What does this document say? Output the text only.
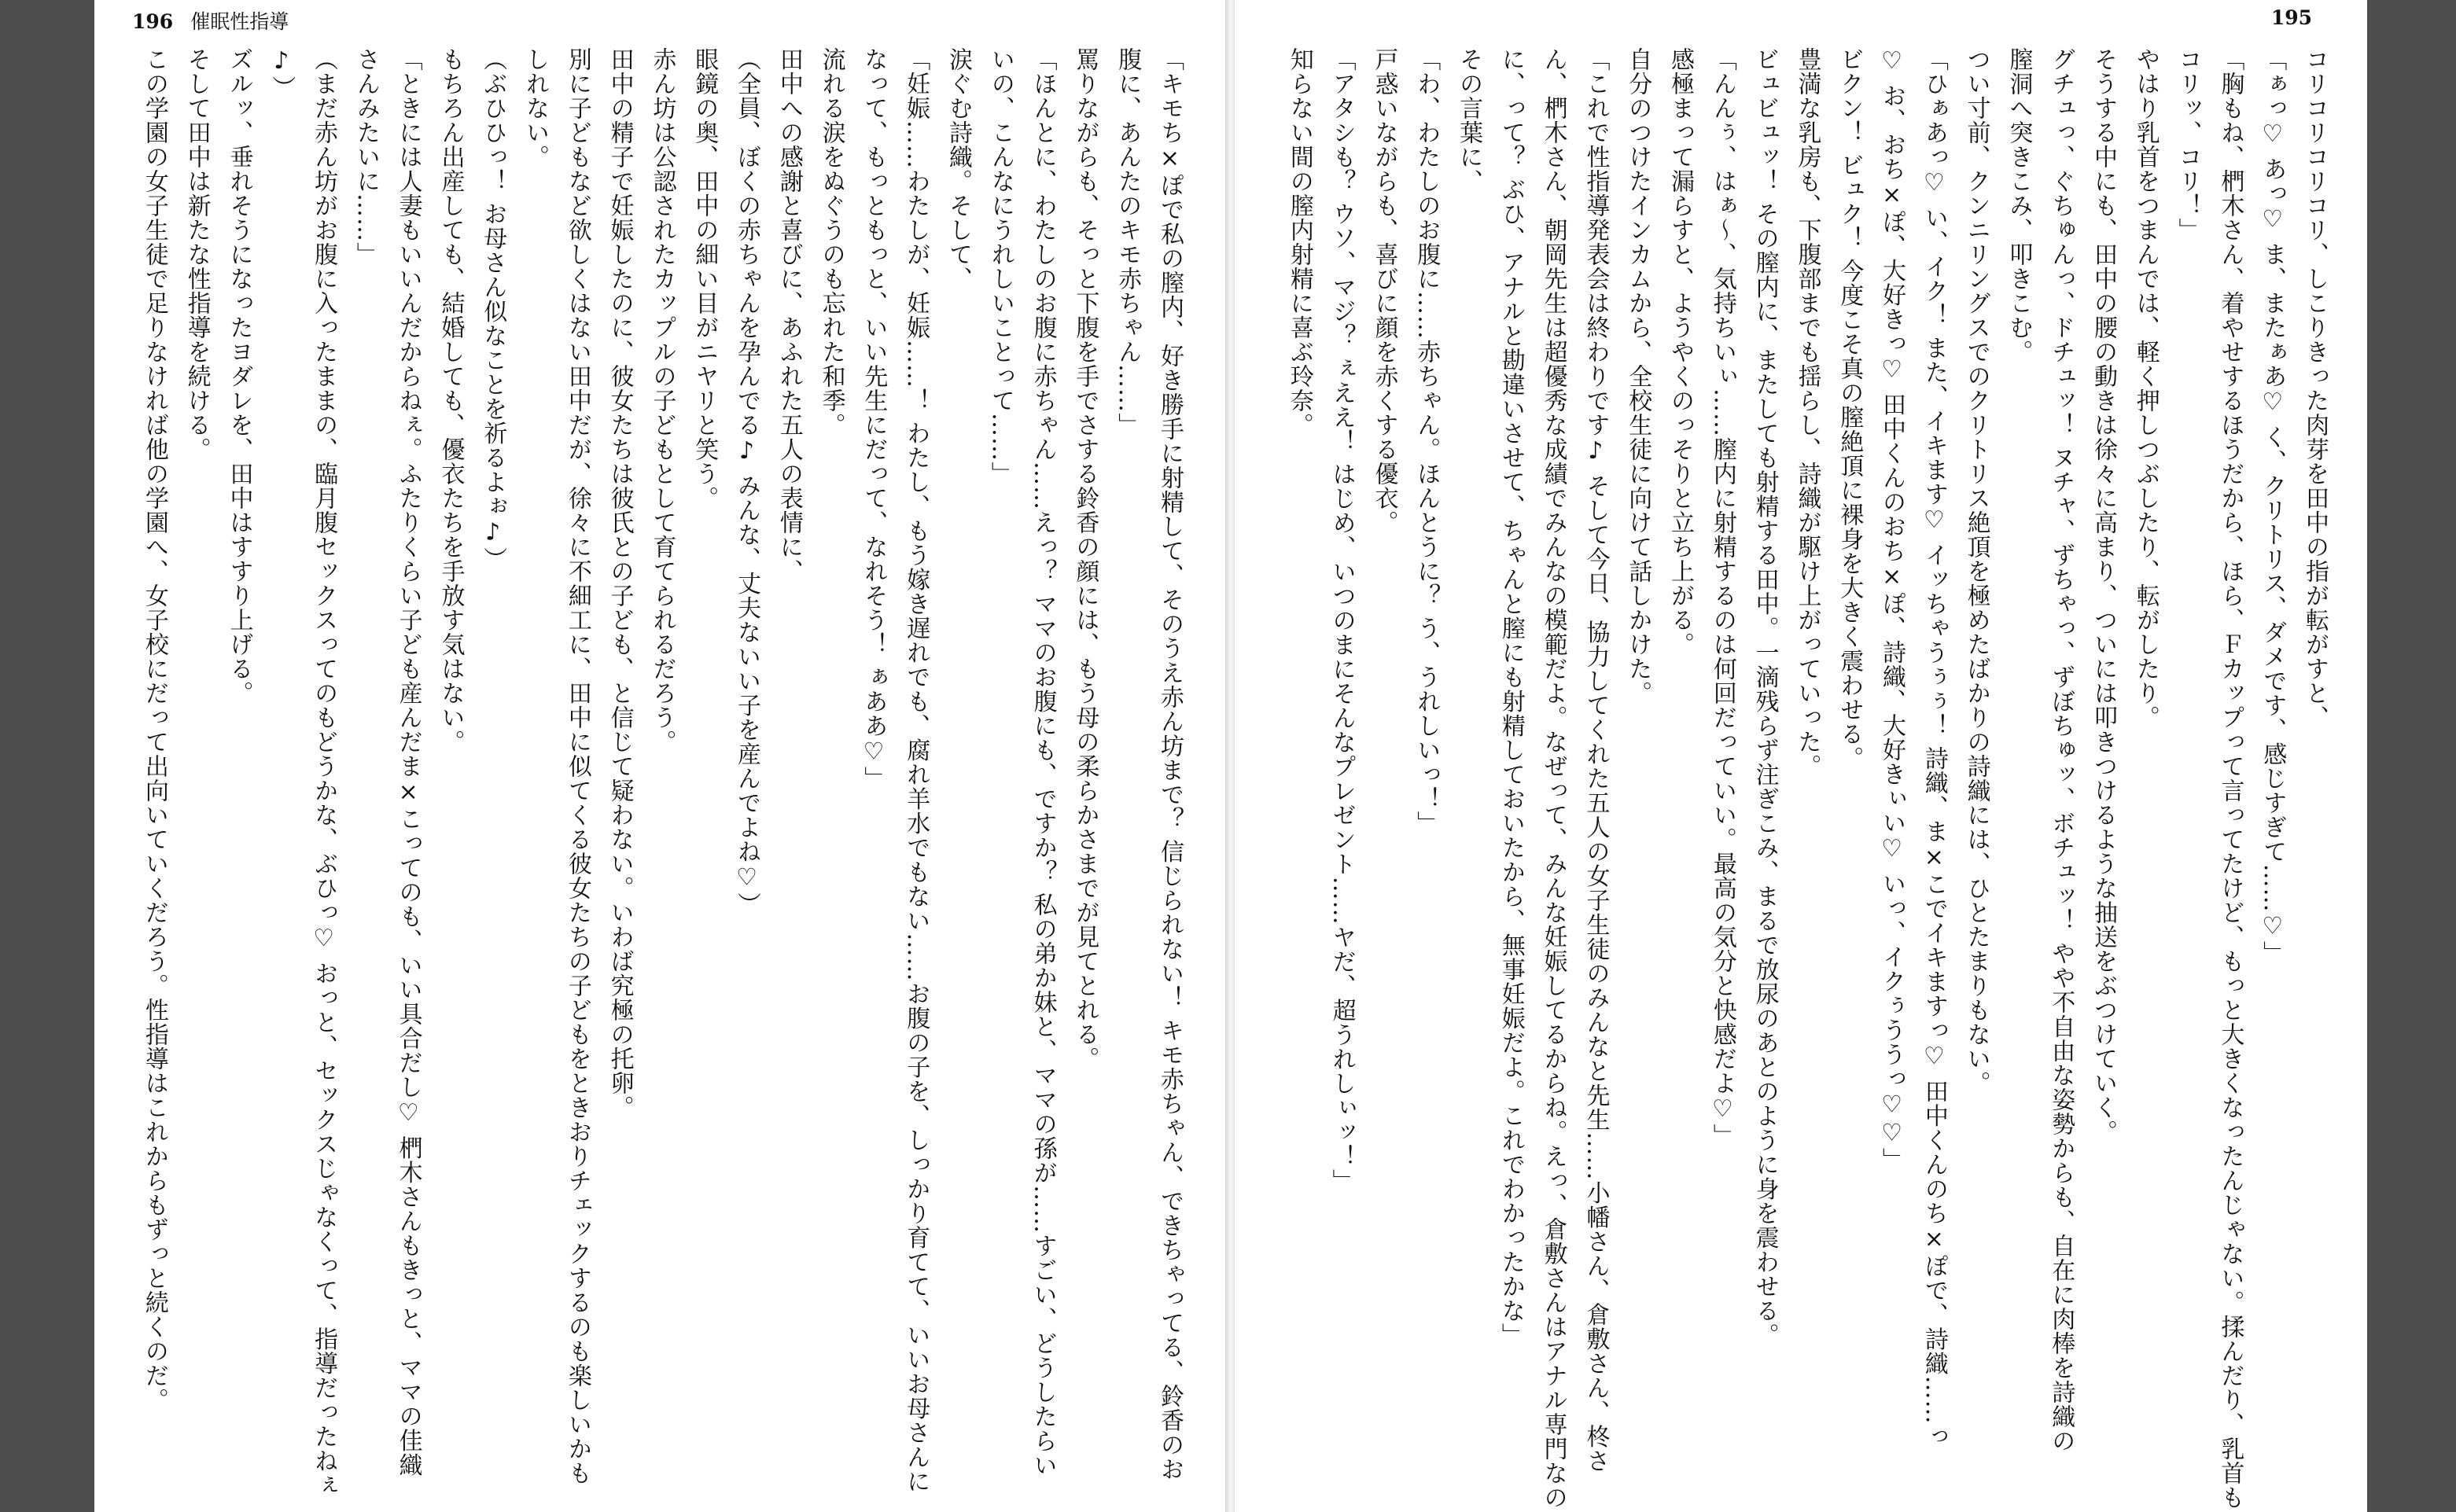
196 催眠性指導

「キモち×ぽで私の膣内、好き勝手に射精して、そのうえ赤ん坊まで？ 信じられない！ キモ赤ちゃん、できちゃってる、鈴香のお

腹に、あんたのキモ赤ちゃん……」

罵りながらも、そっと下腹を手でさする鈴香の顔には、もう母の柔らかさまでが見てとれる。

「ほんとに、わたしのお腹に赤ちゃん……えっ？ ママのお腹にも、ですか？ 私の弟か妹と、ママの孫が……すごい、どうしたらい

いの、こんなにうれしいことって……」

涙ぐむ詩織。そして、

「妊娠……わたしが、妊娠……！ わたし、もう嫁き遅れでも、腐れ羊水でもない……お腹の子を、しっかり育てて、いいお母さんに

なって、もっともっと、いい先生にだって、なれそう！ ぁああ♡」

流れる涙をぬぐうのも忘れた和季。

田中への感謝と喜びに、あふれた五人の表情に、

（全員、ぼくの赤ちゃんを孕んでる♪ みんな、丈夫ないい子を産んでよね♡）

眼鏡の奥、田中の細い目がニヤリと笑う。

赤ん坊は公認されたカップルの子どもとして育てられるだろう。

田中の精子で妊娠したのに、彼女たちは彼氏との子ども、と信じて疑わない。いわば究極の托卵。

別に子どもなど欲しくはない田中だが、徐々に不細工に、田中に似てくる彼女たちの子どもをときおりチェックするのも楽しいかも

しれない。

（ぶひひっ！ お母さん似なことを祈るよぉ♪）

もちろん出産しても、結婚しても、優衣たちを手放す気はない。

「ときには人妻もいいんだからねぇ。ふたりくらい子ども産んだま×こってのも、いい具合だし♡ 椚木さんもきっと、ママの佳織

さんみたいに……」

（まだ赤ん坊がお腹に入ったままの、臨月腹セックスってのもどうかな、ぶひっ♡ おっと、セックスじゃなくって、指導だったねぇ

♪）

ズルッ、垂れそうになったヨダレを、田中はすすり上げる。

そして田中は新たな性指導を続ける。

この学園の女子生徒で足りなければ他の学園へ、女子校にだって出向いていくだろう。性指導はこれからもずっと続くのだ。

195

コリコリコリコリ、しこりきった肉芽を田中の指が転がすと、

「ぁっ♡ あっ♡ ま、またぁあ♡ く、クリトリス、ダメです、感じすぎて……♡」

「胸もね、椚木さん、着やせするほうだから、ほら、Ｆカップって言ってたけど、もっと大きくなったんじゃない。揉んだり、乳首も

コリッ、コリ！」

やはり乳首をつまんでは、軽く押しつぶしたり、転がしたり。

そうする中にも、田中の腰の動きは徐々に高まり、ついには叩きつけるような抽送をぶつけていく。

グチュっ、ぐちゅんっ、ドチュッ！ ヌチャ、ずちゃっ、ずぼちゅッ、ボチュッ！ やや不自由な姿勢からも、自在に肉棒を詩織の

膣洞へ突きこみ、叩きこむ。

つい寸前、クンニリングスでのクリトリス絶頂を極めたばかりの詩織には、ひとたまりもない。

「ひぁあっ♡ い、イク！ また、イキます♡ イッちゃうぅぅ！ 詩織、ま×こでイキますっ♡ 田中くんのち×ぽで、詩織……っ

♡ お、おち×ぽ、大好きっ♡ 田中くんのおち×ぽ、詩織、大好きぃい♡ いっ、イクぅううっ♡♡」

ビクン！ ビュク！ 今度こそ真の膣絶頂に裸身を大きく震わせる。

豊満な乳房も、下腹部までも揺らし、詩織が駆け上がっていった。

ビュビュッ！ その膣内に、またしても射精する田中。一滴残らず注ぎこみ、まるで放尿のあとのように身を震わせる。

「んんぅ、はぁ～、気持ちいぃ……膣内に射精するのは何回だっていい。最高の気分と快感だよ♡」

感極まって漏らすと、ようやくのっそりと立ち上がる。

自分のつけたインカムから、全校生徒に向けて話しかけた。

「これで性指導発表会は終わりです♪ そして今日、協力してくれた五人の女子生徒のみんなと先生……小幡さん、倉敷さん、柊さ

ん、椚木さん、朝岡先生は超優秀な成績でみんなの模範だよ。なぜって、みんな妊娠してるからね。えっ、倉敷さんはアナル専門なの

に、って？ ぶひ、アナルと勘違いさせて、ちゃんと膣にも射精しておいたから、無事妊娠だよ。これでわかったかな」

その言葉に、

「わ、わたしのお腹に……赤ちゃん。ほんとうに？ う、うれしいっ！」

戸惑いながらも、喜びに顔を赤くする優衣。

「アタシも？ ウソ、マジ？ ぇええ！ はじめ、いつのまにそんなプレゼント……ヤだ、超うれしぃッ！」

知らない間の膣内射精に喜ぶ玲奈。
